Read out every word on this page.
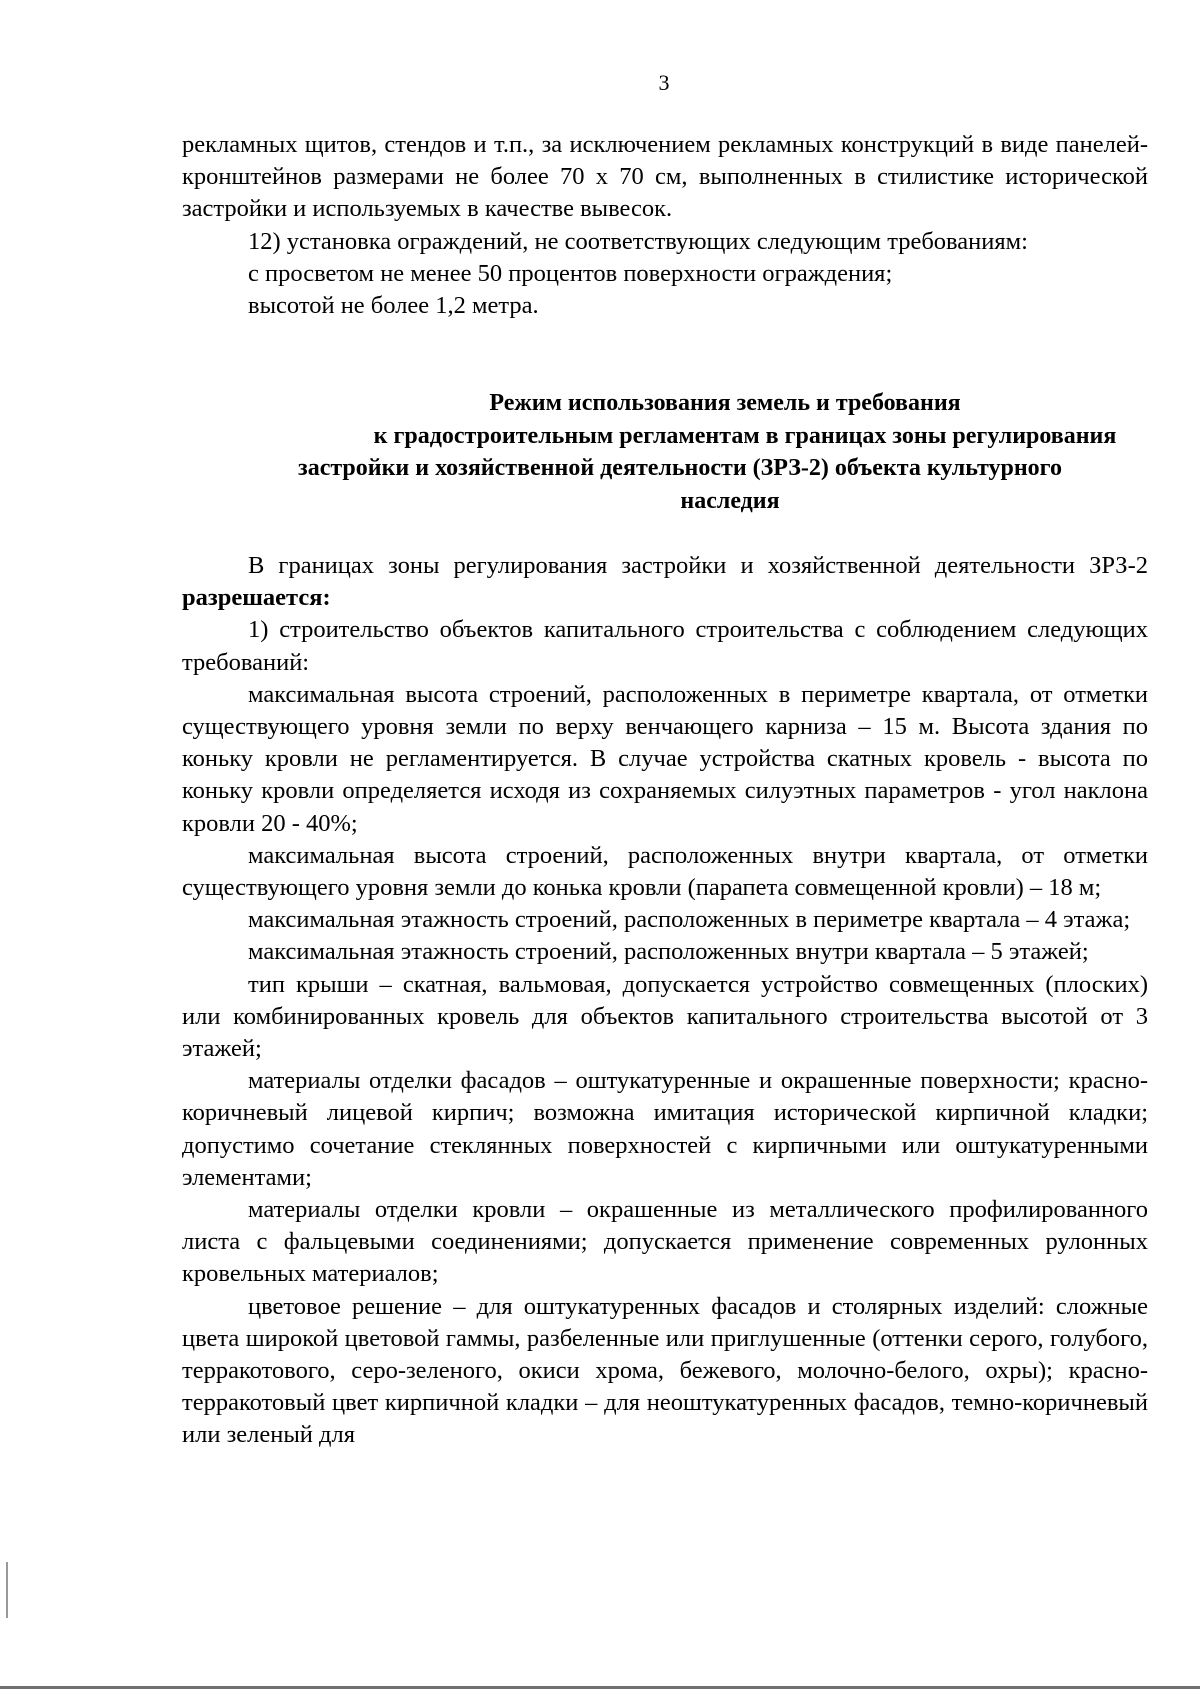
3

рекламных щитов, стендов и т.п., за исключением рекламных конструкций в виде панелей-кронштейнов размерами не более 70 х 70 см, выполненных в стилистике исторической застройки и используемых в качестве вывесок.

12) установка ограждений, не соответствующих следующим требованиям:

с просветом не менее 50 процентов поверхности ограждения;

высотой не более 1,2 метра.

Режим использования земель и требования
к градостроительным регламентам в границах зоны регулирования
застройки и хозяйственной деятельности (ЗРЗ-2) объекта культурного
наследия

В границах зоны регулирования застройки и хозяйственной деятельности ЗРЗ-2 разрешается:

1) строительство объектов капитального строительства с соблюдением следующих требований:

максимальная высота строений, расположенных в периметре квартала, от отметки существующего уровня земли по верху венчающего карниза – 15 м. Высота здания по коньку кровли не регламентируется. В случае устройства скатных кровель - высота по коньку кровли определяется исходя из сохраняемых силуэтных параметров - угол наклона кровли 20 - 40%;

максимальная высота строений, расположенных внутри квартала, от отметки существующего уровня земли до конька кровли (парапета совмещенной кровли) – 18 м;

максимальная этажность строений, расположенных в периметре квартала – 4 этажа;

максимальная этажность строений, расположенных внутри квартала – 5 этажей;

тип крыши – скатная, вальмовая, допускается устройство совмещенных (плоских) или комбинированных кровель для объектов капитального строительства высотой от 3 этажей;

материалы отделки фасадов – оштукатуренные и окрашенные поверхности; красно-коричневый лицевой кирпич; возможна имитация исторической кирпичной кладки; допустимо сочетание стеклянных поверхностей с кирпичными или оштукатуренными элементами;

материалы отделки кровли – окрашенные из металлического профилированного листа с фальцевыми соединениями; допускается применение современных рулонных кровельных материалов;

цветовое решение – для оштукатуренных фасадов и столярных изделий: сложные цвета широкой цветовой гаммы, разбеленные или приглушенные (оттенки серого, голубого, терракотового, серо-зеленого, окиси хрома, бежевого, молочно-белого, охры); красно-терракотовый цвет кирпичной кладки – для неоштукатуренных фасадов, темно-коричневый или зеленый для
